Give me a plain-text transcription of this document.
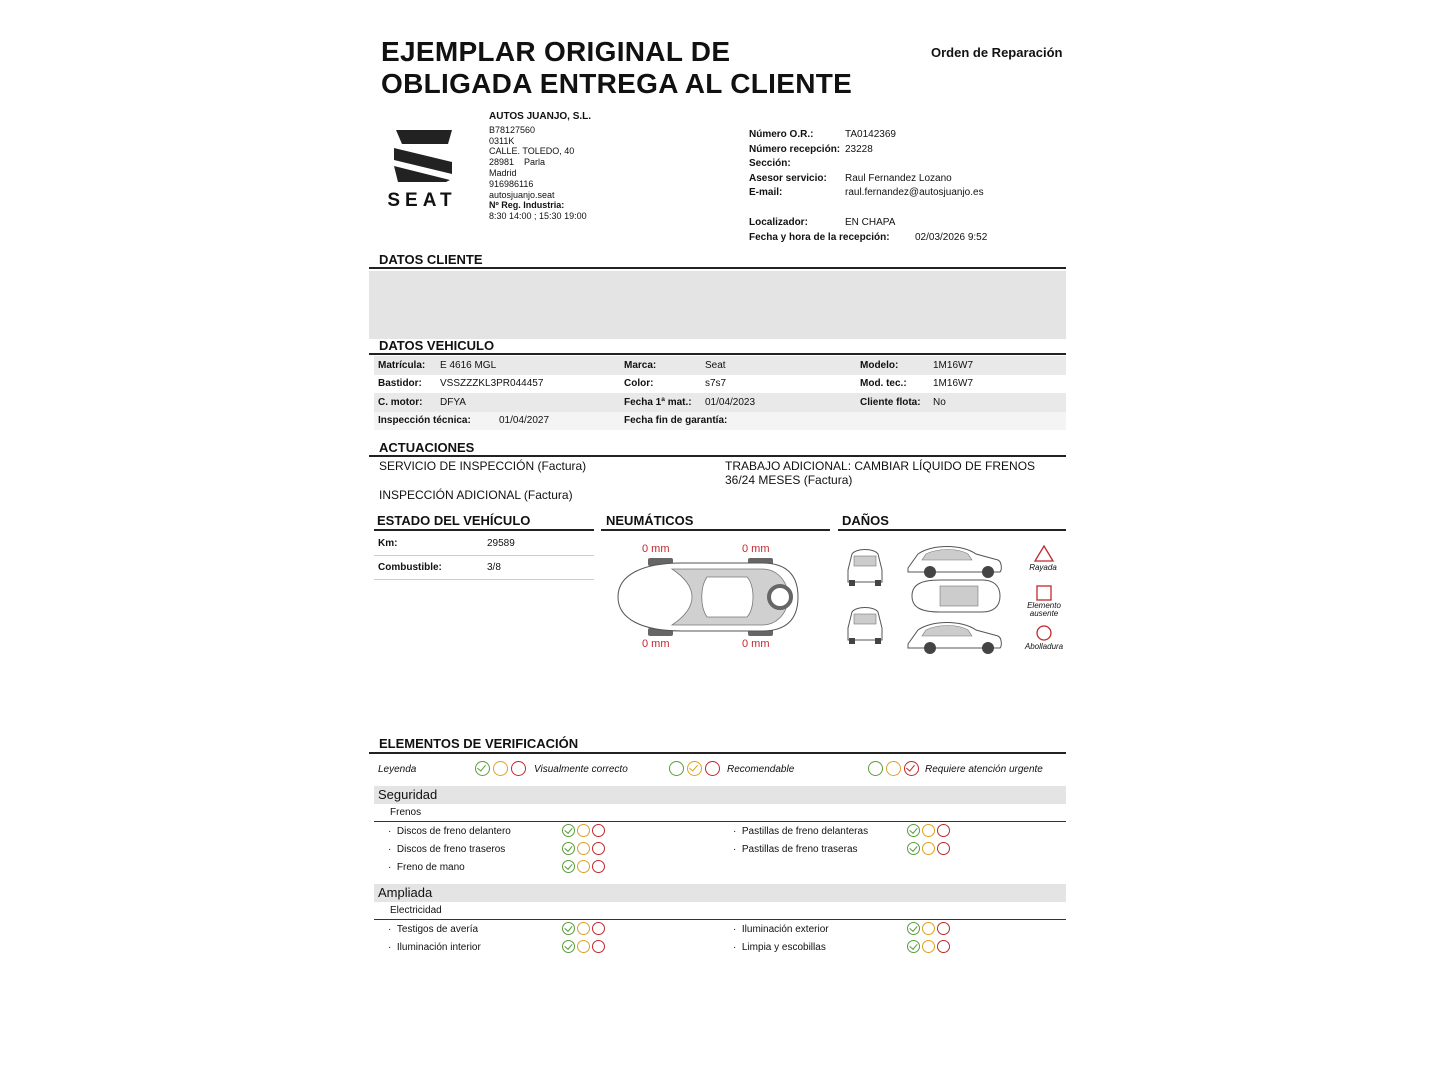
EJEMPLAR ORIGINAL DE
OBLIGADA ENTREGA AL CLIENTE
Orden de Reparación
SEAT
AUTOS JUANJO, S.L.
B78127560
0311K
CALLE. TOLEDO, 40
28981 Parla
Madrid
916986116
autosjuanjo.seat
Nº Reg. Industria:
8:30 14:00 ; 15:30 19:00
Número O.R.:	TA0142369
Número recepción: 23228
Sección:
Asesor servicio:	Raul Fernandez Lozano
E-mail:	raul.fernandez@autosjuanjo.es
Localizador:	EN CHAPA
Fecha y hora de la recepción:	02/03/2026 9:52
DATOS CLIENTE
DATOS VEHICULO
Matrícula: E 4616 MGL	Marca:	Seat	Modelo:	1M16W7
Bastidor: VSSZZZKL3PR044457	Color:	s7s7	Mod. tec.:	1M16W7
C. motor: DFYA	Fecha 1ª mat.: 01/04/2023	Cliente flota: No
Inspección técnica:	01/04/2027	Fecha fin de garantía:
ACTUACIONES
SERVICIO DE INSPECCIÓN (Factura)
INSPECCIÓN ADICIONAL (Factura)
TRABAJO ADICIONAL: CAMBIAR LÍQUIDO DE FRENOS
36/24 MESES (Factura)
ESTADO DEL VEHÍCULO
Km:	29589
Combustible:	3/8
NEUMÁTICOS
0 mm	0 mm
0 mm	0 mm
DAÑOS
Rayada
Elemento
ausente
Abolladura
ELEMENTOS DE VERIFICACIÓN
Leyenda	Visualmente correcto	Recomendable	Requiere atención urgente
Seguridad
Frenos
·  Discos de freno delantero
·  Discos de freno traseros
·  Freno de mano
·  Pastillas de freno delanteras
·  Pastillas de freno traseras
Ampliada
Electricidad
·  Testigos de avería
·  Iluminación interior
·  Iluminación exterior
·  Limpia y escobillas
